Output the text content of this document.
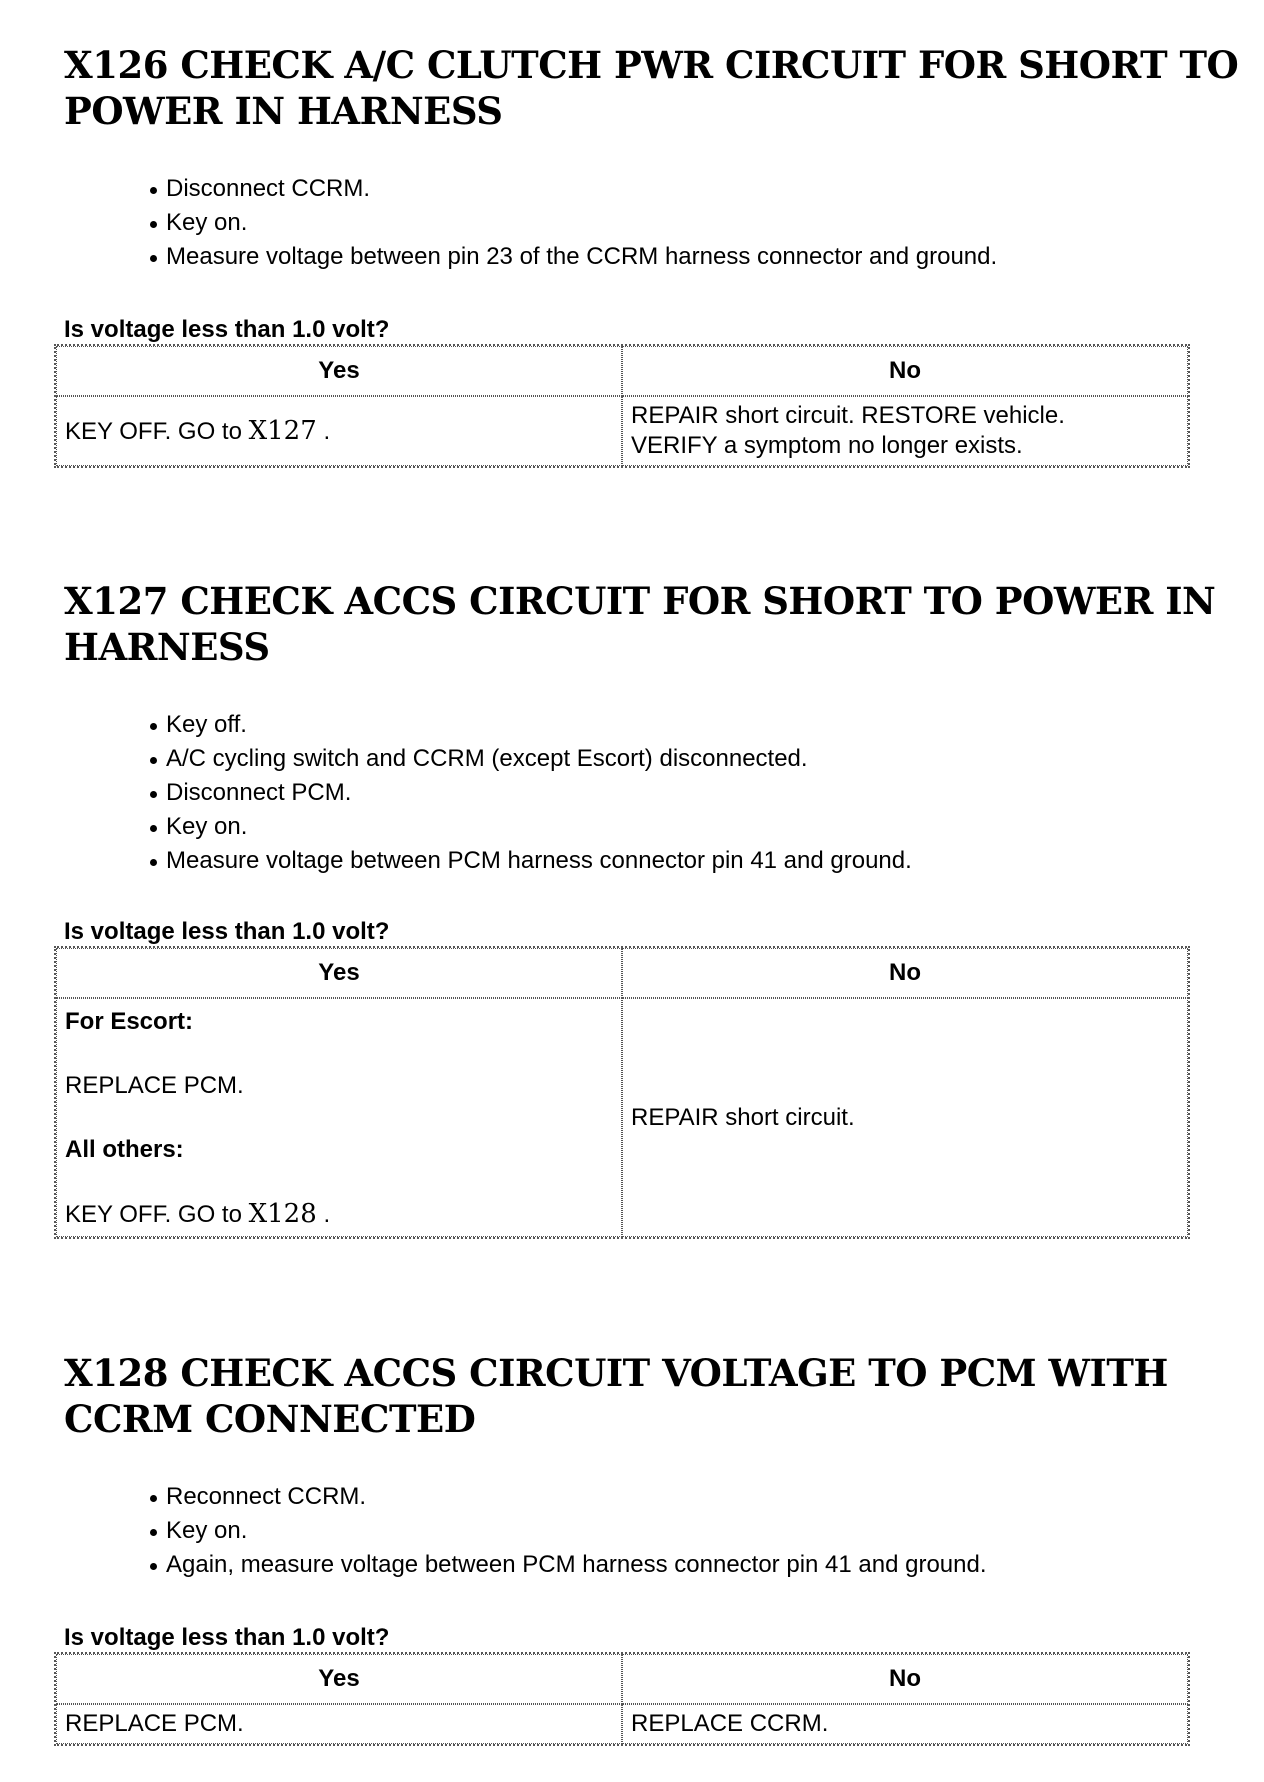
X126 CHECK A/C CLUTCH PWR CIRCUIT FOR SHORT TO POWER IN HARNESS
Disconnect CCRM.
Key on.
Measure voltage between pin 23 of the CCRM harness connector and ground.
Is voltage less than 1.0 volt?
Yes	No
KEY OFF. GO to X127 .	REPAIR short circuit. RESTORE vehicle.

VERIFY a symptom no longer exists.

X127 CHECK ACCS CIRCUIT FOR SHORT TO POWER IN HARNESS
Key off.
A/C cycling switch and CCRM (except Escort) disconnected.
Disconnect PCM.
Key on.
Measure voltage between PCM harness connector pin 41 and ground.
Is voltage less than 1.0 volt?
Yes	No

For Escort:

REPLACE PCM.

All others:

KEY OFF. GO to X128 .	REPAIR short circuit.
X128 CHECK ACCS CIRCUIT VOLTAGE TO PCM WITH CCRM CONNECTED
Reconnect CCRM.
Key on.
Again, measure voltage between PCM harness connector pin 41 and ground.
Is voltage less than 1.0 volt?
Yes	No
REPLACE PCM.	REPLACE CCRM.
